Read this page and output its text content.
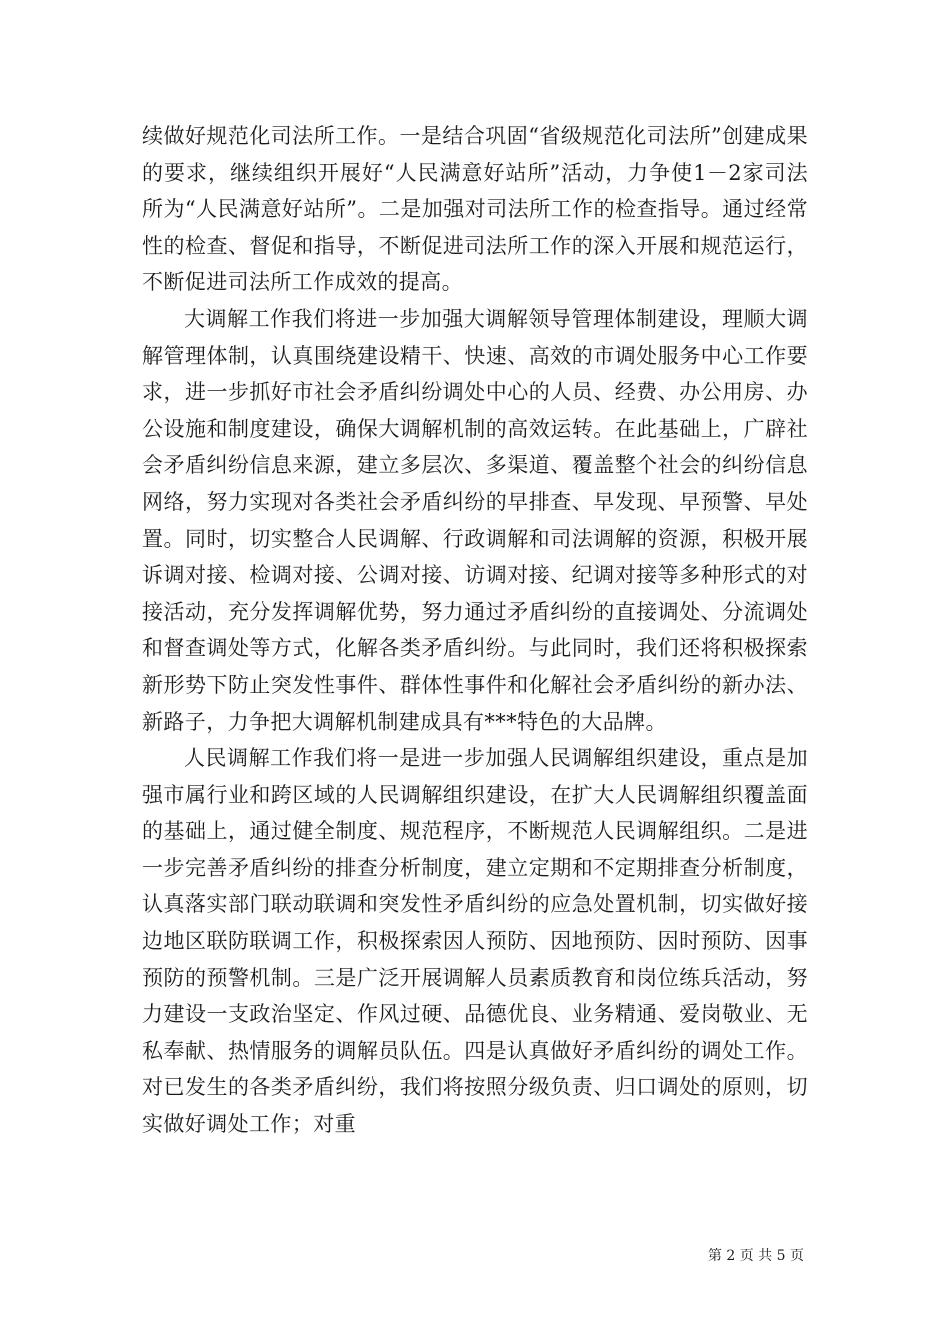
续做好规范化司法所工作。一是结合巩固“省级规范化司法所”创建成果的要求，继续组织开展好“人民满意好站所”活动，力争使1－2家司法所为“人民满意好站所”。二是加强对司法所工作的检查指导。通过经常性的检查、督促和指导，不断促进司法所工作的深入开展和规范运行，不断促进司法所工作成效的提高。

大调解工作我们将进一步加强大调解领导管理体制建设，理顺大调解管理体制，认真围绕建设精干、快速、高效的市调处服务中心工作要求，进一步抓好市社会矛盾纠纷调处中心的人员、经费、办公用房、办公设施和制度建设，确保大调解机制的高效运转。在此基础上，广辟社会矛盾纠纷信息来源，建立多层次、多渠道、覆盖整个社会的纠纷信息网络，努力实现对各类社会矛盾纠纷的早排查、早发现、早预警、早处置。同时，切实整合人民调解、行政调解和司法调解的资源，积极开展诉调对接、检调对接、公调对接、访调对接、纪调对接等多种形式的对接活动，充分发挥调解优势，努力通过矛盾纠纷的直接调处、分流调处和督查调处等方式，化解各类矛盾纠纷。与此同时，我们还将积极探索新形势下防止突发性事件、群体性事件和化解社会矛盾纠纷的新办法、新路子，力争把大调解机制建成具有***特色的大品牌。

人民调解工作我们将一是进一步加强人民调解组织建设，重点是加强市属行业和跨区域的人民调解组织建设，在扩大人民调解组织覆盖面的基础上，通过健全制度、规范程序，不断规范人民调解组织。二是进一步完善矛盾纠纷的排查分析制度，建立定期和不定期排查分析制度，认真落实部门联动联调和突发性矛盾纠纷的应急处置机制，切实做好接边地区联防联调工作，积极探索因人预防、因地预防、因时预防、因事预防的预警机制。三是广泛开展调解人员素质教育和岗位练兵活动，努力建设一支政治坚定、作风过硬、品德优良、业务精通、爱岗敬业、无私奉献、热情服务的调解员队伍。四是认真做好矛盾纠纷的调处工作。对已发生的各类矛盾纠纷，我们将按照分级负责、归口调处的原则，切实做好调处工作；对重

第 2 页 共 5 页
